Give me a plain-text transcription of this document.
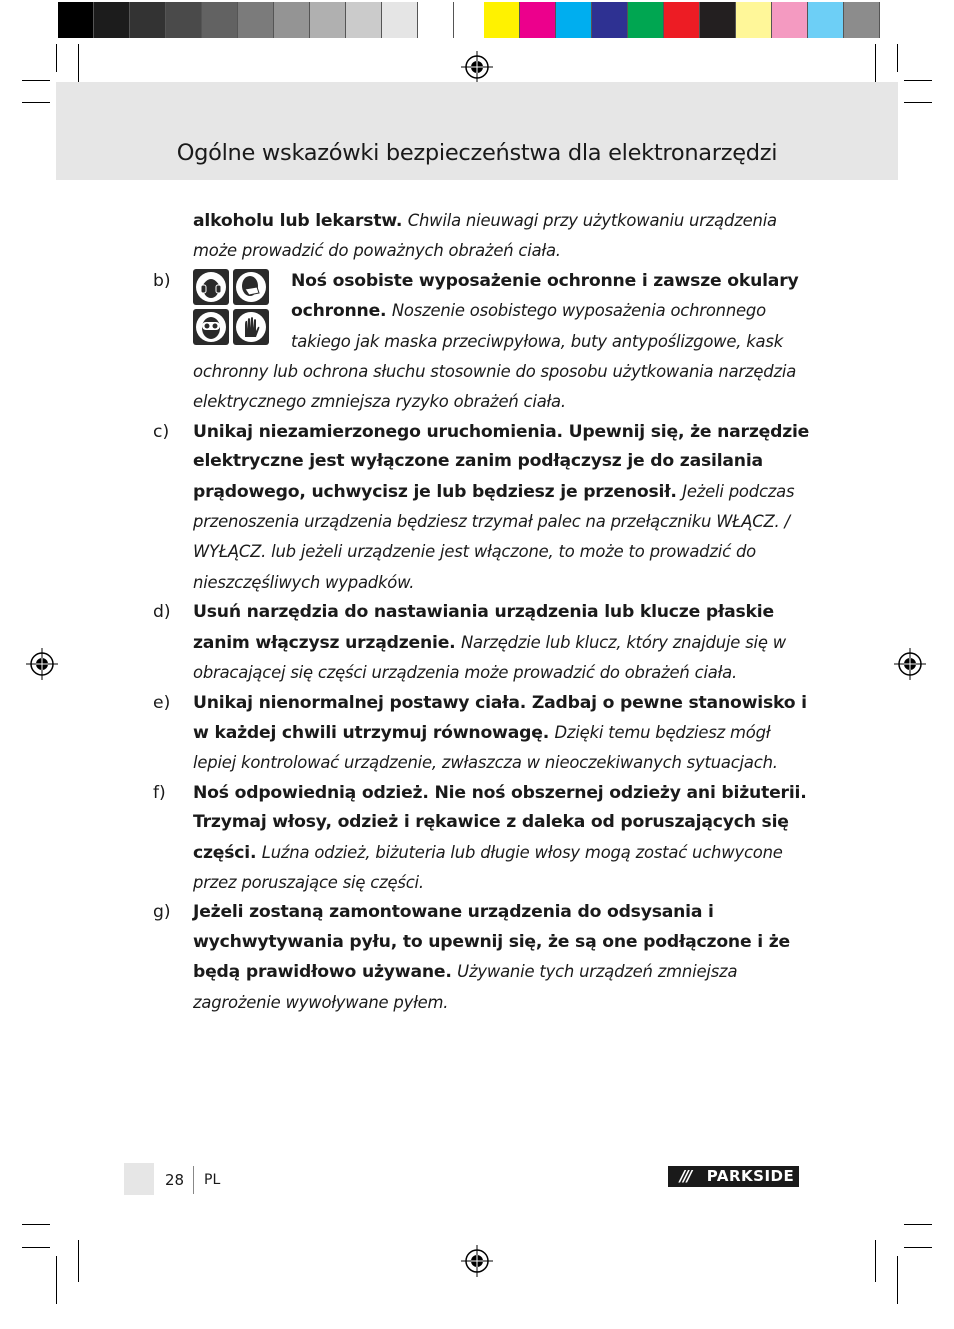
Ogólne wskazówki bezpieczeństwa dla elektronarzędzi
alkoholu lub lekarstw. Chwila nieuwagi przy użytkowaniu urządzenia może prowadzić do poważnych obrażeń ciała.
b)	Noś osobiste wyposażenie ochronne i zawsze okulary ochronne. Noszenie osobistego wyposażenia ochronnego takiego jak maska przeciwpyłowa, buty antypoślizgowe, kask ochronny lub ochrona słuchu stosownie do sposobu użytkowania narzędzia elektrycznego zmniejsza ryzyko obrażeń ciała.
c) Unikaj niezamierzonego uruchomienia. Upewnij się, że narzędzie elektryczne jest wyłączone zanim podłączysz je do zasilania prądowego, uchwycisz je lub będziesz je przenosił. Jeżeli podczas przenoszenia urządzenia będziesz trzymał palec na przełączniku WŁĄCZ. / WYŁĄCZ. lub jeżeli urządzenie jest włączone, to może to prowadzić do nieszczęśliwych wypadków.
d) Usuń narzędzia do nastawiania urządzenia lub klucze płaskie zanim włączysz urządzenie. Narzędzie lub klucz, który znajduje się w obracającej się części urządzenia może prowadzić do obrażeń ciała.
e) Unikaj nienormalnej postawy ciała. Zadbaj o pewne stanowisko i w każdej chwili utrzymuj równowagę. Dzięki temu będziesz mógł lepiej kontrolować urządzenie, zwłaszcza w nieoczekiwanych sytuacjach.
f) Noś odpowiednią odzież. Nie noś obszernej odzieży ani biżuterii. Trzymaj włosy, odzież i rękawice z daleka od poruszających się części. Luźna odzież, biżuteria lub długie włosy mogą zostać uchwycone przez poruszające się części.
g) Jeżeli zostaną zamontowane urządzenia do odsysania i wychwytywania pyłu, to upewnij się, że są one podłączone i że będą prawidłowo używane. Używanie tych urządzeń zmniejsza zagrożenie wywoływane pyłem.
28 PL	///	PARKSIDE
